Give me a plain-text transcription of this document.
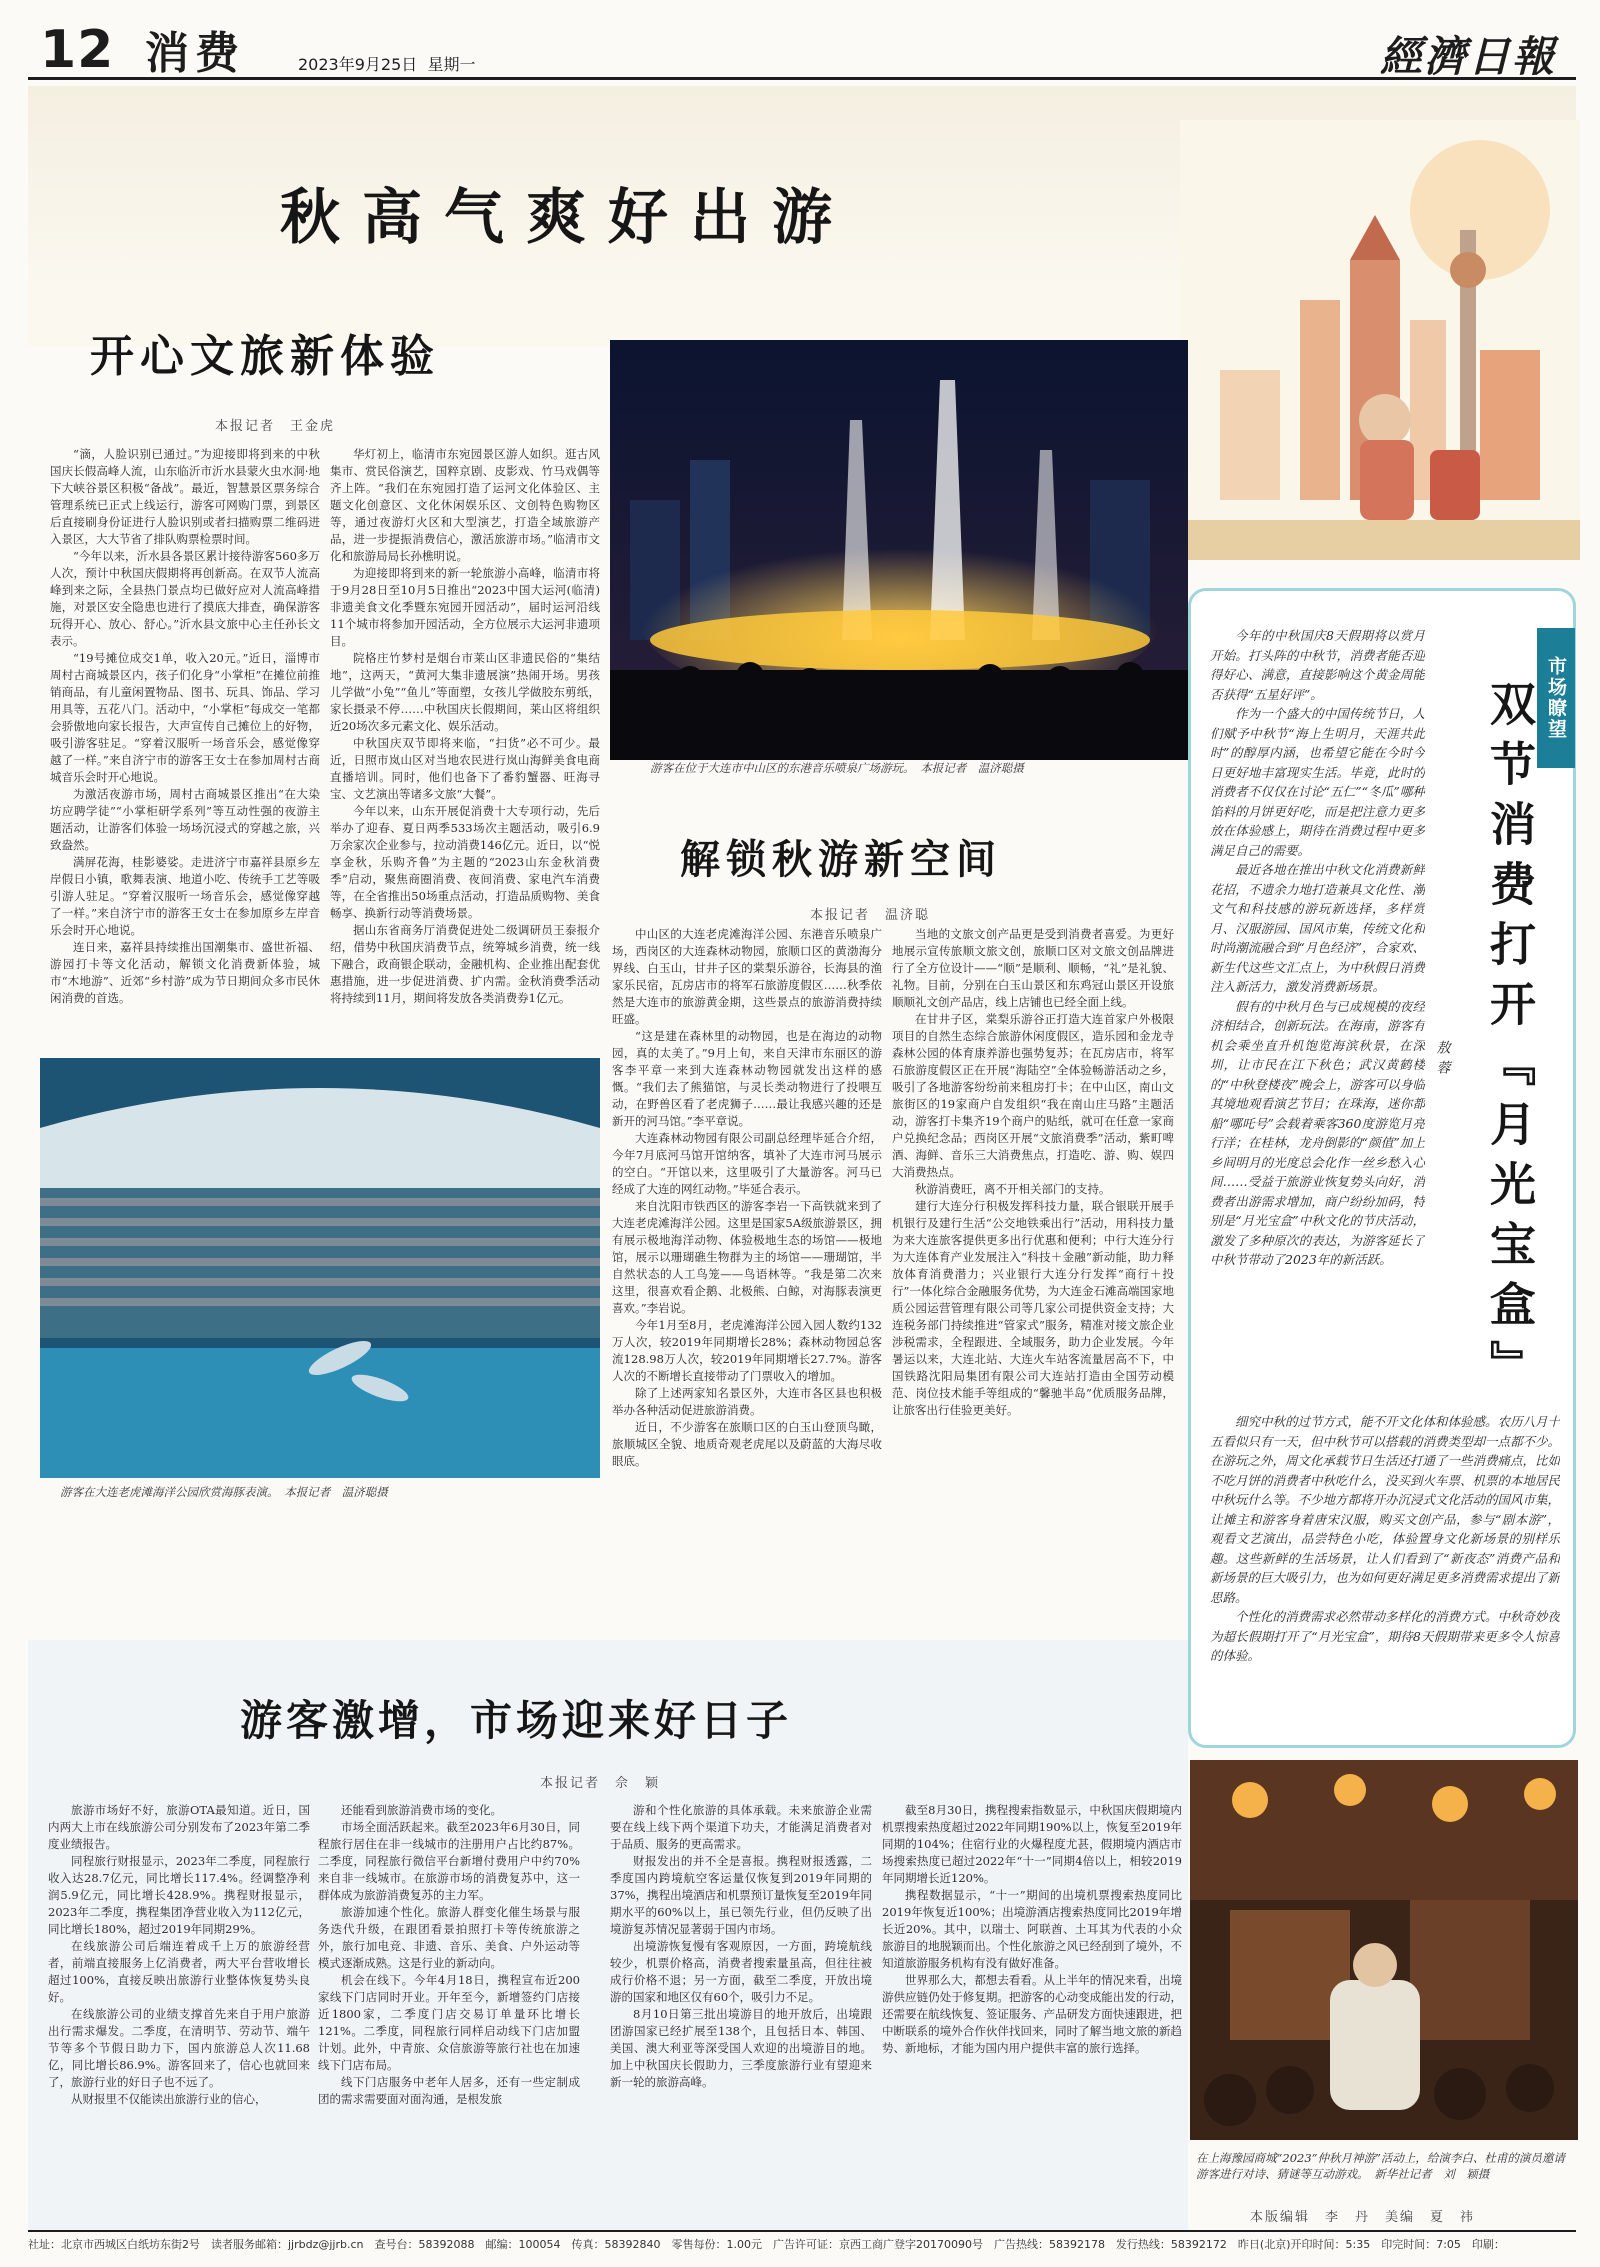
12 消费	2023年9月25日 星期一	經濟日報
秋高气爽好出游
开心文旅新体验
本报记者　王金虎

“滴，人脸识别已通过。”为迎接即将到来的中秋国庆长假高峰人流，山东临沂市沂水县蒙火虫水洞·地下大峡谷景区积极“备战”。最近，智慧景区票务综合管理系统已正式上线运行，游客可网购门票，到景区后直接刷身份证进行人脸识别或者扫描购票二维码进入景区，大大节省了排队购票检票时间。

“今年以来，沂水县各景区累计接待游客560多万人次，预计中秋国庆假期将再创新高。在双节人流高峰到来之际，全县热门景点均已做好应对人流高峰措施，对景区安全隐患也进行了摸底大排查，确保游客玩得开心、放心、舒心。”沂水县文旅中心主任孙长文表示。

“19号摊位成交1单，收入20元。”近日，淄博市周村古商城景区内，孩子们化身“小掌柜”在摊位前推销商品，有儿童闲置物品、图书、玩具、饰品、学习用具等，五花八门。活动中，“小掌柜”每成交一笔都会骄傲地向家长报告，大声宣传自己摊位上的好物，吸引游客驻足。“穿着汉服听一场音乐会，感觉像穿越了一样。”来自济宁市的游客王女士在参加周村古商城音乐会时开心地说。

为激活夜游市场，周村古商城景区推出“在大染坊应聘学徒”“小掌柜研学系列”等互动性强的夜游主题活动，让游客们体验一场场沉浸式的穿越之旅，兴致盎然。

满屏花海，桂影婆娑。走进济宁市嘉祥县原乡左岸假日小镇，歌舞表演、地道小吃、传统手工艺等吸引游人驻足。“穿着汉服听一场音乐会，感觉像穿越了一样。”来自济宁市的游客王女士在参加原乡左岸音乐会时开心地说。

连日来，嘉祥县持续推出国潮集市、盛世祈福、游园打卡等文化活动，解锁文化消费新体验，城市“木地游”、近郊“乡村游”成为节日期间众多市民休闲消费的首选。

华灯初上，临清市东宛园景区游人如织。逛古风集市、赏民俗演艺，国粹京剧、皮影戏、竹马戏偶等齐上阵。“我们在东宛园打造了运河文化体验区、主题文化创意区、文化休闲娱乐区、文创特色购物区等，通过夜游灯火区和大型演艺，打造全域旅游产品，进一步提振消费信心，激活旅游市场。”临清市文化和旅游局局长孙樵明说。

为迎接即将到来的新一轮旅游小高峰，临清市将于9月28日至10月5日推出“2023中国大运河(临清)非遗美食文化季暨东宛园开园活动”，届时运河沿线11个城市将参加开园活动，全方位展示大运河非遗项目。

院格庄竹梦村是烟台市莱山区非遗民俗的“集结地”，这两天，“黄河大集非遗展演”热闹开场。男孩儿学做“小兔”“鱼儿”等面塑，女孩儿学做胶东剪纸，家长摄录不停……中秋国庆长假期间，莱山区将组织近20场次多元素文化、娱乐活动。

中秋国庆双节即将来临，“扫货”必不可少。最近，日照市岚山区对当地农民进行岚山海鲜美食电商直播培训。同时，他们也备下了番豹蟹器、旺海寻宝、文艺演出等诸多文旅“大餐”。

今年以来，山东开展促消费十大专项行动，先后举办了迎春、夏日两季533场次主题活动，吸引6.9万余家次企业参与，拉动消费146亿元。近日，以“悦享金秋，乐购齐鲁”为主题的“2023山东金秋消费季”启动，聚焦商圈消费、夜间消费、家电汽车消费等，在全省推出50场重点活动，打造品质购物、美食畅享、换新行动等消费场景。

据山东省商务厅消费促进处二级调研员王泰报介绍，借势中秋国庆消费节点，统筹城乡消费，统一线下融合，政商银企联动，金融机构、企业推出配套优惠措施，进一步促进消费、扩内需。金秋消费季活动将持续到11月，期间将发放各类消费券1亿元。

游客在位于大连市中山区的东港音乐喷泉广场游玩。　本报记者　温济聪摄
游客在大连老虎滩海洋公园欣赏海豚表演。　本报记者　温济聪摄
解锁秋游新空间
本报记者　温济聪

中山区的大连老虎滩海洋公园、东港音乐喷泉广场，西岗区的大连森林动物园，旅顺口区的黄渤海分界线、白玉山，甘井子区的棠梨乐游谷，长海县的渔家乐民宿，瓦房店市的将军石旅游度假区……秋季依然是大连市的旅游黄金期，这些景点的旅游消费持续旺盛。

“这是建在森林里的动物园，也是在海边的动物园，真的太美了。”9月上旬，来自天津市东丽区的游客李平章一来到大连森林动物园就发出这样的感慨。“我们去了熊猫馆，与灵长类动物进行了投喂互动，在野兽区看了老虎狮子……最让我感兴趣的还是新开的河马馆。”李平章说。

大连森林动物园有限公司副总经理毕延合介绍，今年7月底河马馆开馆纳客，填补了大连市河马展示的空白。“开馆以来，这里吸引了大量游客。河马已经成了大连的网红动物。”毕延合表示。

来自沈阳市铁西区的游客李岩一下高铁就来到了大连老虎滩海洋公园。这里是国家5A级旅游景区，拥有展示极地海洋动物、体验极地生态的场馆——极地馆，展示以珊瑚礁生物群为主的场馆——珊瑚馆，半自然状态的人工鸟笼——鸟语林等。“我是第二次来这里，很喜欢看企鹅、北极熊、白鲸，对海豚表演更喜欢。”李岩说。

今年1月至8月，老虎滩海洋公园入园人数约132万人次，较2019年同期增长28%；森林动物园总客流128.98万人次，较2019年同期增长27.7%。游客人次的不断增长直接带动了门票收入的增加。

除了上述两家知名景区外，大连市各区县也积极举办各种活动促进旅游消费。

近日，不少游客在旅顺口区的白玉山登顶鸟瞰，旅顺城区全貌、地质奇观老虎尾以及蔚蓝的大海尽收眼底。

当地的文旅文创产品更是受到消费者喜爱。为更好地展示宣传旅顺文旅文创，旅顺口区对文旅文创品牌进行了全方位设计——“顺”是顺利、顺畅，“礼”是礼貌、礼物。目前，分别在白玉山景区和东鸡冠山景区开设旅顺顺礼文创产品店，线上店铺也已经全面上线。

在甘井子区，棠梨乐游谷正打造大连首家户外极限项目的自然生态综合旅游休闲度假区，造乐园和金龙寺森林公园的体育康养游也强势复苏；在瓦房店市，将军石旅游度假区正在开展“海陆空”全体验畅游活动之乡，吸引了各地游客纷纷前来租房打卡；在中山区，南山文旅街区的19家商户自发组织“我在南山庄马路”主题活动，游客打卡集齐19个商户的贴纸，就可在任意一家商户兑换纪念品；西岗区开展“文旅消费季”活动，紫町啤酒、海鲜、音乐三大消费焦点，打造吃、游、购、娱四大消费热点。

秋游消费旺，离不开相关部门的支持。

建行大连分行积极发挥科技力量，联合银联开展手机银行及建行生活“公交地铁乘出行”活动，用科技力量为来大连旅客提供更多出行优惠和便利；中行大连分行为大连体育产业发展注入“科技＋金融”新动能，助力释放体育消费潜力；兴业银行大连分行发挥“商行＋投行”一体化综合金融服务优势，为大连金石滩高端国家地质公园运营管理有限公司等几家公司提供资金支持；大连税务部门持续推进“管家式”服务，精准对接文旅企业涉税需求，全程跟进、全域服务，助力企业发展。今年暑运以来，大连北站、大连火车站客流量居高不下，中国铁路沈阳局集团有限公司大连站打造由全国劳动模范、岗位技术能手等组成的“馨驰半岛”优质服务品牌，让旅客出行佳验更美好。

市场瞭望
双节消费打开『月光宝盒』
敖蓉

今年的中秋国庆8天假期将以赏月开始。打头阵的中秋节，消费者能否迎得好心、满意，直接影响这个黄金周能否获得“五星好评”。

作为一个盛大的中国传统节日，人们赋予中秋节“海上生明月，天涯共此时”的醇厚内涵，也希望它能在今时今日更好地丰富现实生活。毕竟，此时的消费者不仅仅在讨论“五仁”“冬瓜”哪种馅料的月饼更好吃，而是把注意力更多放在体验感上，期待在消费过程中更多满足自己的需要。

最近各地在推出中秋文化消费新鲜花招，不遗余力地打造兼具文化性、潮文气和科技感的游玩新选择，多样赏月、汉服游园、国风市集，传统文化和时尚潮流融合到“月色经济”，合家欢、新生代这些文汇点上，为中秋假日消费注入新活力，激发消费新场景。

假有的中秋月色与已成规模的夜经济相结合，创新玩法。在海南，游客有机会乘坐直升机饱览海滨秋景，在深圳，让市民在江下秋色；武汉黄鹤楼的“中秋登楼夜”晚会上，游客可以身临其境地观看演艺节目；在珠海，迷你都船“哪吒号”会载着乘客360度游览月亮行洋；在桂林，龙舟倒影的“颜值”加上乡间明月的光度总会化作一丝乡愁入心间……受益于旅游业恢复势头向好，消费者出游需求增加，商户纷纷加码，特别是“月光宝盒”中秋文化的节庆活动，激发了多种原次的表达，为游客延长了中秋节带动了2023年的新活跃。

细究中秋的过节方式，能不开文化体和体验感。农历八月十五看似只有一天，但中秋节可以搭载的消费类型却一点都不少。在游玩之外，周文化承载节日生活还打通了一些消费痛点，比如不吃月饼的消费者中秋吃什么，没买到火车票、机票的本地居民中秋玩什么等。不少地方都将开办沉浸式文化活动的国风市集，让摊主和游客身着唐宋汉服，购买文创产品，参与“剧本游”，观看文艺演出，品尝特色小吃，体验置身文化新场景的别样乐趣。这些新鲜的生活场景，让人们看到了“新夜态”消费产品和新场景的巨大吸引力，也为如何更好满足更多消费需求提出了新思路。

个性化的消费需求必然带动多样化的消费方式。中秋奇妙夜为超长假期打开了“月光宝盒”，期待8天假期带来更多令人惊喜的体验。

游客激增，市场迎来好日子
本报记者　佘　颖

旅游市场好不好，旅游OTA最知道。近日，国内两大上市在线旅游公司分别发布了2023年第二季度业绩报告。

同程旅行财报显示，2023年二季度，同程旅行收入达28.7亿元，同比增长117.4%。经调整净利润5.9亿元，同比增长428.9%。携程财报显示，2023年二季度，携程集团净营业收入为112亿元，同比增长180%，超过2019年同期29%。

在线旅游公司后端连着成千上万的旅游经营者，前端直接服务上亿消费者，两大平台营收增长超过100%，直接反映出旅游行业整体恢复势头良好。

在线旅游公司的业绩支撑首先来自于用户旅游出行需求爆发。二季度，在清明节、劳动节、端午节等多个节假日助力下，国内旅游总人次11.68亿，同比增长86.9%。游客回来了，信心也就回来了，旅游行业的好日子也不远了。

从财报里不仅能读出旅游行业的信心，

还能看到旅游消费市场的变化。

市场全面活跃起来。截至2023年6月30日，同程旅行居住在非一线城市的注册用户占比约87%。二季度，同程旅行微信平台新增付费用户中约70%来自非一线城市。在旅游市场的消费复苏中，这一群体成为旅游消费复苏的主力军。

旅游加速个性化。旅游人群变化催生场景与服务迭代升级，在跟团看景拍照打卡等传统旅游之外，旅行加电竞、非遗、音乐、美食、户外运动等模式逐渐成熟。这是行业的新动向。

机会在线下。今年4月18日，携程宣布近200家线下门店同时开业。开年至今，新增签约门店接近1800家，二季度门店交易订单量环比增长121%。二季度，同程旅行同样启动线下门店加盟计划。此外，中青旅、众信旅游等旅行社也在加速线下门店布局。

线下门店服务中老年人居多，还有一些定制成团的需求需要面对面沟通，是根发旅

游和个性化旅游的具体承载。未来旅游企业需要在线上线下两个渠道下功夫，才能满足消费者对于品质、服务的更高需求。

财报发出的并不全是喜报。携程财报透露，二季度国内跨境航空客运量仅恢复到2019年同期的37%，携程出境酒店和机票预订量恢复至2019年同期水平的60%以上，虽已领先行业，但仍反映了出境游复苏情况显著弱于国内市场。

出境游恢复慢有客观原因，一方面，跨境航线较少，机票价格高，消费者搜索量虽高，但往往被成行价格不退；另一方面，截至二季度，开放出境游的国家和地区仅有60个，吸引力不足。

8月10日第三批出境游目的地开放后，出境跟团游国家已经扩展至138个，且包括日本、韩国、美国、澳大利亚等深受国人欢迎的出境游目的地。加上中秋国庆长假助力，三季度旅游行业有望迎来新一轮的旅游高峰。

截至8月30日，携程搜索指数显示，中秋国庆假期境内机票搜索热度超过2022年同期190%以上，恢复至2019年同期的104%；住宿行业的火爆程度尤甚，假期境内酒店市场搜索热度已超过2022年“十一”同期4倍以上，相较2019年同期增长近120%。

携程数据显示，“十一”期间的出境机票搜索热度同比2019年恢复近100%；出境游酒店搜索热度同比2019年增长近20%。其中，以瑞士、阿联酋、土耳其为代表的小众旅游目的地脱颖而出。个性化旅游之风已经刮到了境外，不知道旅游服务机构有没有做好准备。

世界那么大，都想去看看。从上半年的情况来看，出境游供应链仍处于修复期。把游客的心动变成能出发的行动，还需要在航线恢复、签证服务、产品研发方面快速跟进，把中断联系的境外合作伙伴找回来，同时了解当地文旅的新趋势、新地标，才能为国内用户提供丰富的旅行选择。

在上海豫园商城“2023”仲秋月神游”活动上，给演李白、杜甫的演员邀请游客进行对诗、猜谜等互动游戏。　新华社记者　刘　颖摄
本版编辑　李　丹　美编　夏　祎
社址：北京市西城区白纸坊东街2号　读者服务邮箱：jjrbdz@jjrb.cn　查号台：58392088　邮编：100054　传真：58392840　零售每份：1.00元　广告许可证：京西工商广登字20170090号　广告热线：58392178　发行热线：58392172　昨日(北京)开印时间：5:35　印完时间：7:05　印刷：
